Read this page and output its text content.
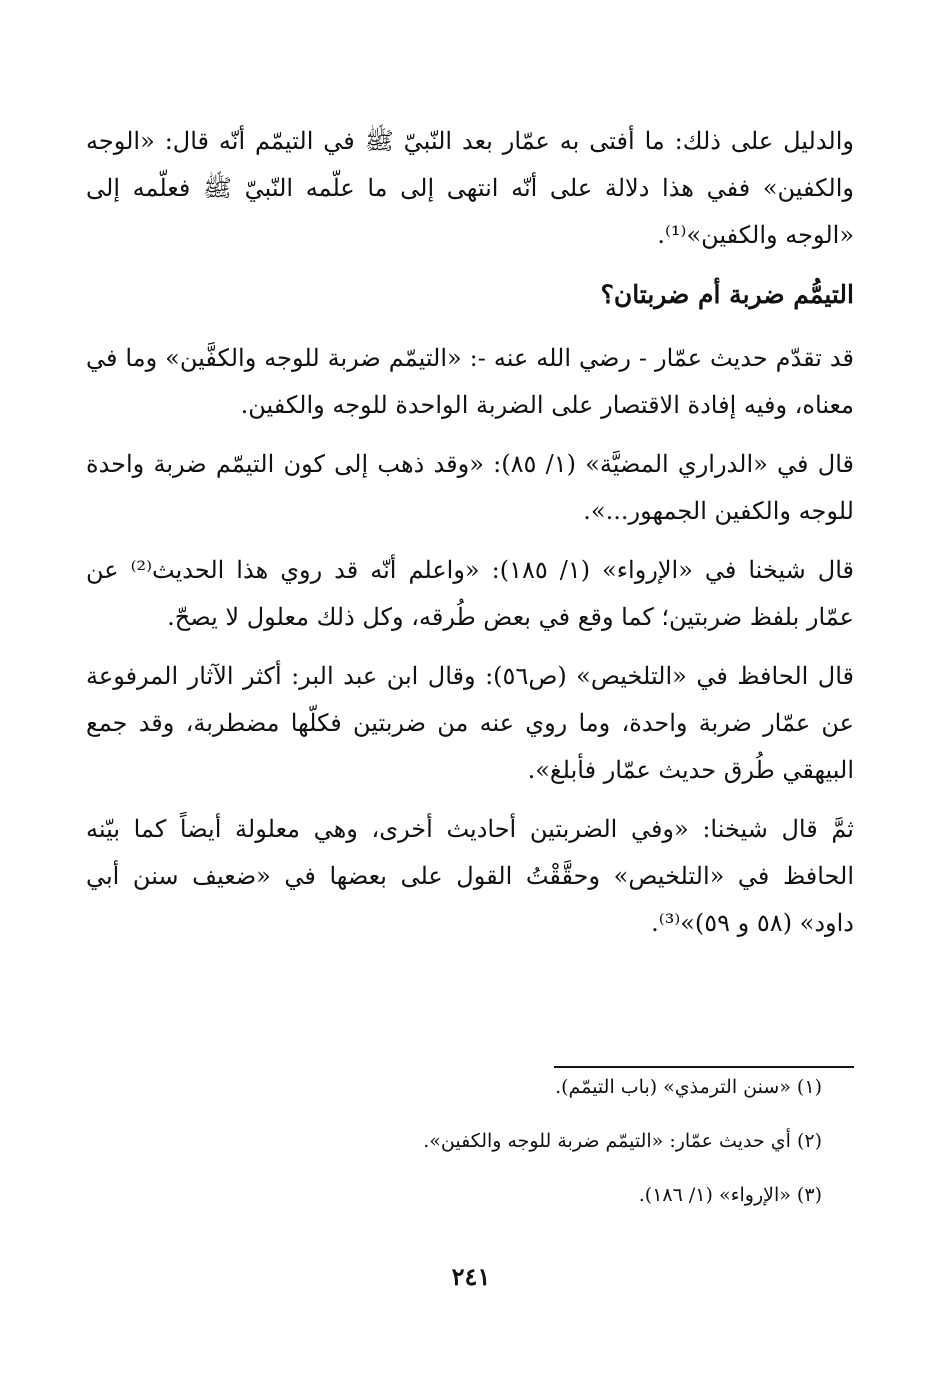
والدليل على ذلك: ما أفتى به عمّار بعد النّبيّ ﷺ في التيمّم أنّه قال: «الوجه والكفين» ففي هذا دلالة على أنّه انتهى إلى ما علّمه النّبيّ ﷺ فعلّمه إلى «الوجه والكفين»⁽¹⁾.

التيمُّم ضربة أم ضربتان؟

قد تقدّم حديث عمّار - رضي الله عنه -: «التيمّم ضربة للوجه والكفَّين» وما في معناه، وفيه إفادة الاقتصار على الضربة الواحدة للوجه والكفين.

قال في «الدراري المضيَّة» (١/ ٨٥): «وقد ذهب إلى كون التيمّم ضربة واحدة للوجه والكفين الجمهور...».

قال شيخنا في «الإرواء» (١/ ١٨٥): «واعلم أنّه قد روي هذا الحديث⁽²⁾ عن عمّار بلفظ ضربتين؛ كما وقع في بعض طُرقه، وكل ذلك معلول لا يصحّ.

قال الحافظ في «التلخيص» (ص٥٦): وقال ابن عبد البر: أكثر الآثار المرفوعة عن عمّار ضربة واحدة، وما روي عنه من ضربتين فكلّها مضطربة، وقد جمع البيهقي طُرق حديث عمّار فأبلغ».

ثمَّ قال شيخنا: «وفي الضربتين أحاديث أخرى، وهي معلولة أيضاً كما بيّنه الحافظ في «التلخيص» وحقَّقْتُ القول على بعضها في «ضعيف سنن أبي داود» (٥٨ و ٥٩)»⁽³⁾.

(١) «سنن الترمذي» (باب التيمّم).
(٢) أي حديث عمّار: «التيمّم ضربة للوجه والكفين».
(٣) «الإرواء» (١/ ١٨٦).
٢٤١
